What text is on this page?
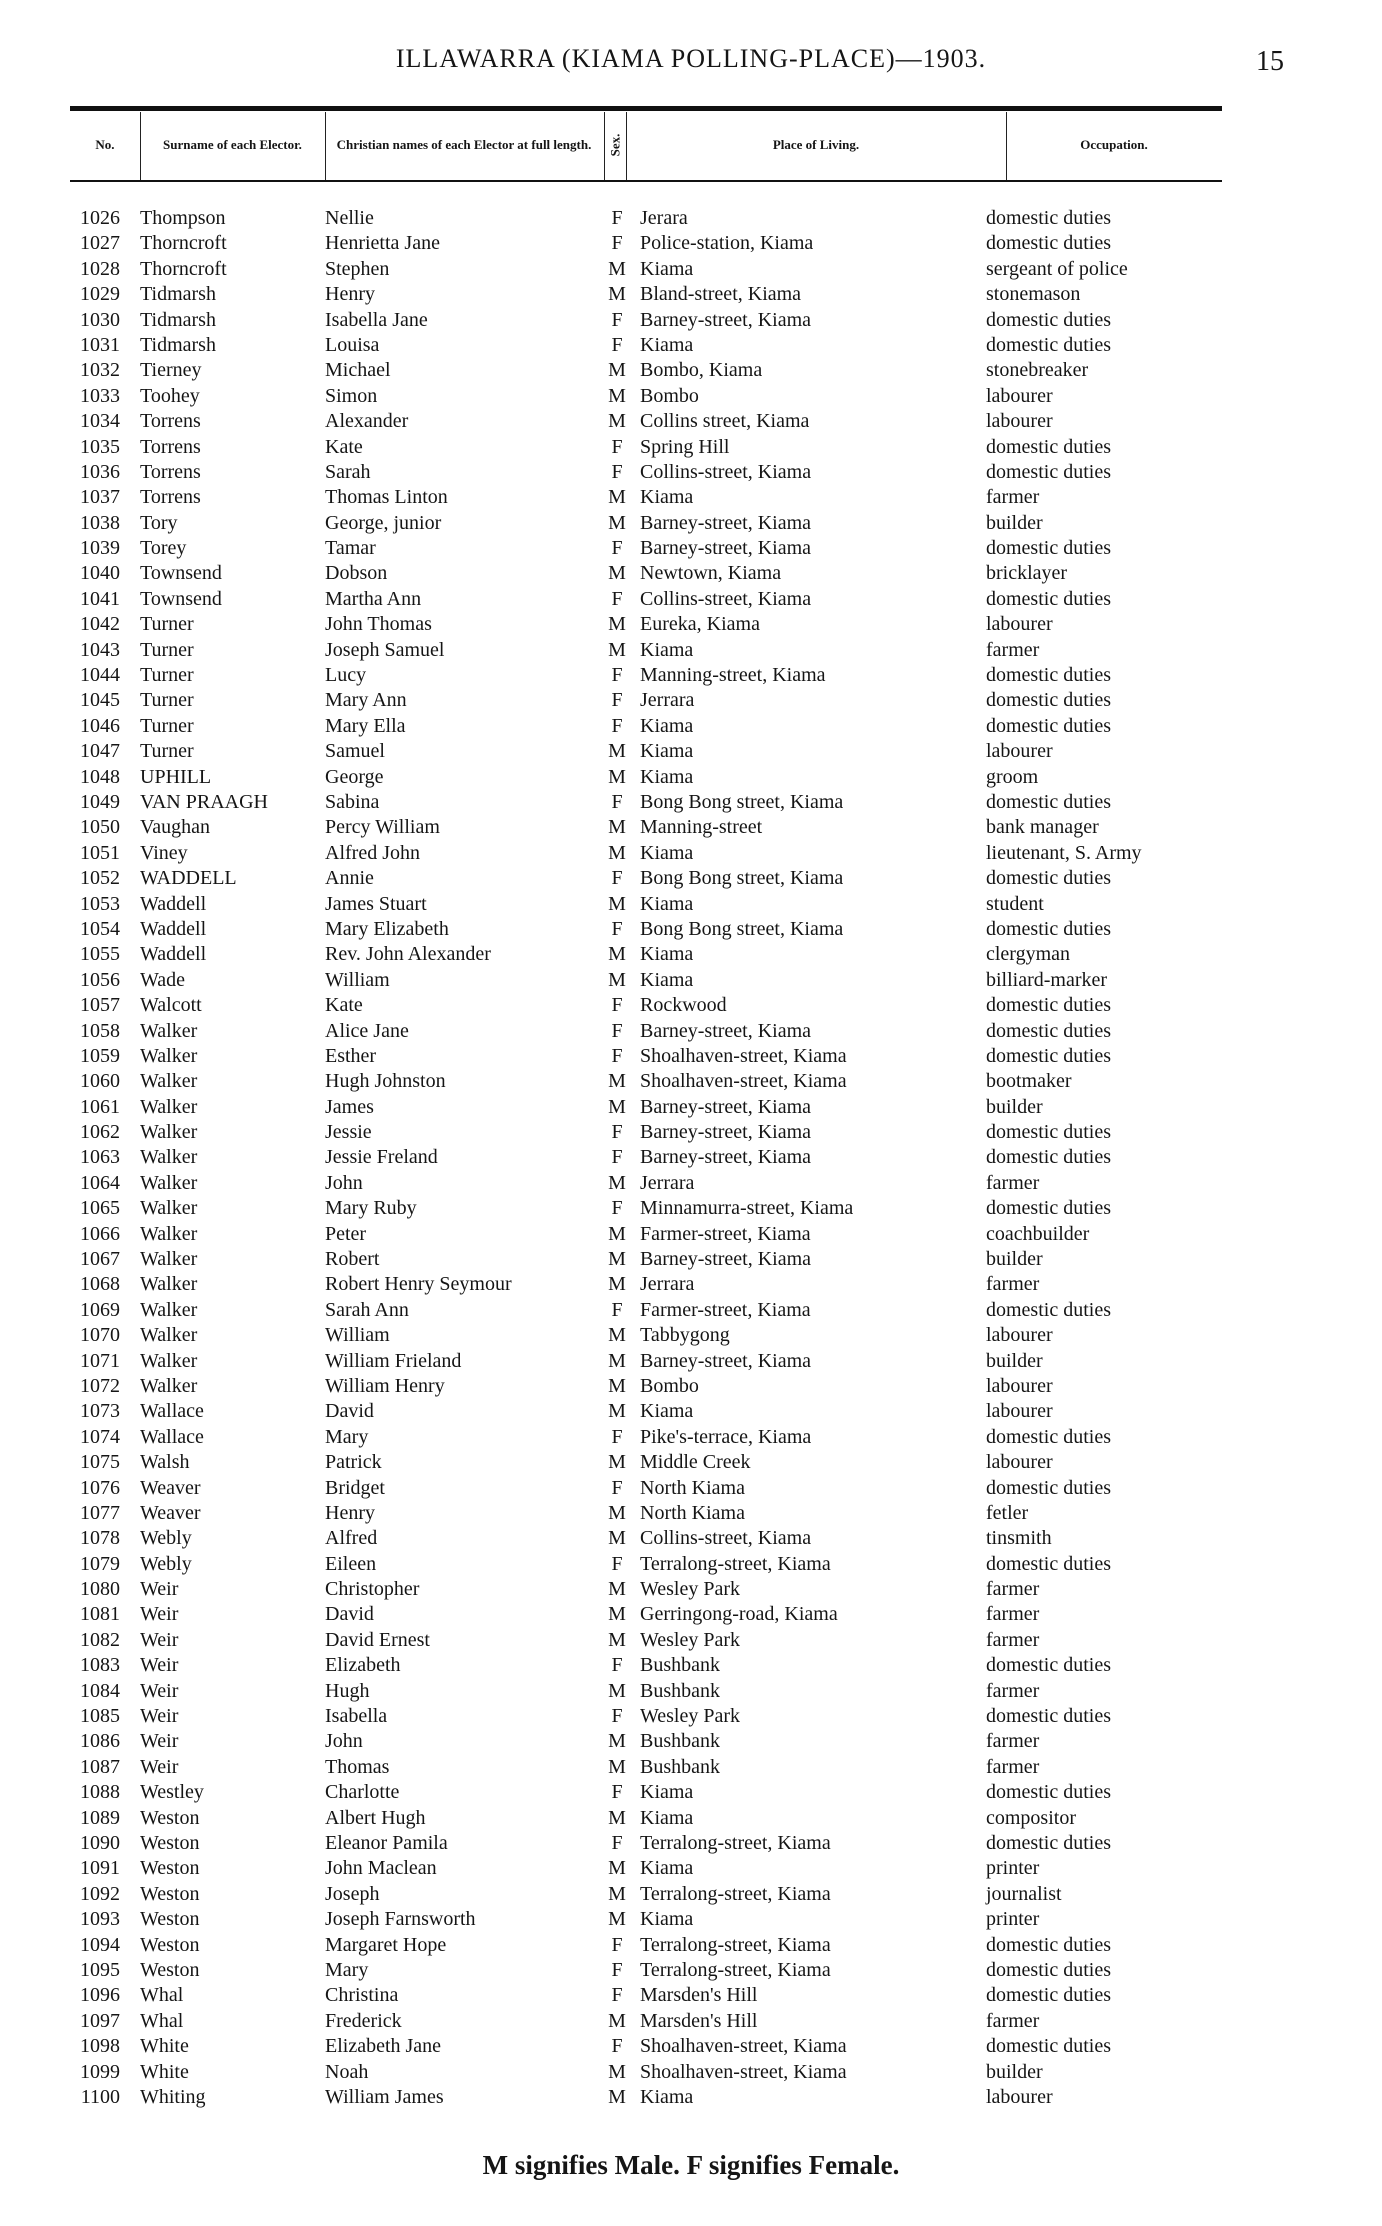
ILLAWARRA (KIAMA POLLING-PLACE)—1903.	15
No.	Surname of each Elector.	Christian names of each Elector at full length.	Sex.	Place of Living.	Occupation.
1026 Thompson	Nellie	F Jerara	domestic duties
1027 Thorncroft	Henrietta Jane	F Police-station, Kiama	domestic duties
1028 Thorncroft	Stephen	M Kiama	sergeant of police
1029 Tidmarsh	Henry	M Bland-street, Kiama	stonemason
1030 Tidmarsh	Isabella Jane	F Barney-street, Kiama	domestic duties
1031 Tidmarsh	Louisa	F Kiama	domestic duties
1032 Tierney	Michael	M Bombo, Kiama	stonebreaker
1033 Toohey	Simon	M Bombo	labourer
1034 Torrens	Alexander	M Collins street, Kiama	labourer
1035 Torrens	Kate	F Spring Hill	domestic duties
1036 Torrens	Sarah	F Collins-street, Kiama	domestic duties
1037 Torrens	Thomas Linton	M Kiama	farmer
1038 Tory	George, junior	M Barney-street, Kiama	builder
1039 Torey	Tamar	F Barney-street, Kiama	domestic duties
1040 Townsend	Dobson	M Newtown, Kiama	bricklayer
1041 Townsend	Martha Ann	F Collins-street, Kiama	domestic duties
1042 Turner	John Thomas	M Eureka, Kiama	labourer
1043 Turner	Joseph Samuel	M Kiama	farmer
1044 Turner	Lucy	F Manning-street, Kiama	domestic duties
1045 Turner	Mary Ann	F Jerrara	domestic duties
1046 Turner	Mary Ella	F Kiama	domestic duties
1047 Turner	Samuel	M Kiama	labourer
1048 UPHILL	George	M Kiama	groom
1049 VAN PRAAGH	Sabina	F Bong Bong street, Kiama	domestic duties
1050 Vaughan	Percy William	M Manning-street	bank manager
1051 Viney	Alfred John	M Kiama	lieutenant, S. Army
1052 WADDELL	Annie	F Bong Bong street, Kiama	domestic duties
1053 Waddell	James Stuart	M Kiama	student
1054 Waddell	Mary Elizabeth	F Bong Bong street, Kiama	domestic duties
1055 Waddell	Rev. John Alexander	M Kiama	clergyman
1056 Wade	William	M Kiama	billiard-marker
1057 Walcott	Kate	F Rockwood	domestic duties
1058 Walker	Alice Jane	F Barney-street, Kiama	domestic duties
1059 Walker	Esther	F Shoalhaven-street, Kiama	domestic duties
1060 Walker	Hugh Johnston	M Shoalhaven-street, Kiama	bootmaker
1061 Walker	James	M Barney-street, Kiama	builder
1062 Walker	Jessie	F Barney-street, Kiama	domestic duties
1063 Walker	Jessie Freland	F Barney-street, Kiama	domestic duties
1064 Walker	John	M Jerrara	farmer
1065 Walker	Mary Ruby	F Minnamurra-street, Kiama	domestic duties
1066 Walker	Peter	M Farmer-street, Kiama	coachbuilder
1067 Walker	Robert	M Barney-street, Kiama	builder
1068 Walker	Robert Henry Seymour	M Jerrara	farmer
1069 Walker	Sarah Ann	F Farmer-street, Kiama	domestic duties
1070 Walker	William	M Tabbygong	labourer
1071 Walker	William Frieland	M Barney-street, Kiama	builder
1072 Walker	William Henry	M Bombo	labourer
1073 Wallace	David	M Kiama	labourer
1074 Wallace	Mary	F Pike's-terrace, Kiama	domestic duties
1075 Walsh	Patrick	M Middle Creek	labourer
1076 Weaver	Bridget	F North Kiama	domestic duties
1077 Weaver	Henry	M North Kiama	fetler
1078 Webly	Alfred	M Collins-street, Kiama	tinsmith
1079 Webly	Eileen	F Terralong-street, Kiama	domestic duties
1080 Weir	Christopher	M Wesley Park	farmer
1081 Weir	David	M Gerringong-road, Kiama	farmer
1082 Weir	David Ernest	M Wesley Park	farmer
1083 Weir	Elizabeth	F Bushbank	domestic duties
1084 Weir	Hugh	M Bushbank	farmer
1085 Weir	Isabella	F Wesley Park	domestic duties
1086 Weir	John	M Bushbank	farmer
1087 Weir	Thomas	M Bushbank	farmer
1088 Westley	Charlotte	F Kiama	domestic duties
1089 Weston	Albert Hugh	M Kiama	compositor
1090 Weston	Eleanor Pamila	F Terralong-street, Kiama	domestic duties
1091 Weston	John Maclean	M Kiama	printer
1092 Weston	Joseph	M Terralong-street, Kiama	journalist
1093 Weston	Joseph Farnsworth	M Kiama	printer
1094 Weston	Margaret Hope	F Terralong-street, Kiama	domestic duties
1095 Weston	Mary	F Terralong-street, Kiama	domestic duties
1096 Whal	Christina	F Marsden's Hill	domestic duties
1097 Whal	Frederick	M Marsden's Hill	farmer
1098 White	Elizabeth Jane	F Shoalhaven-street, Kiama	domestic duties
1099 White	Noah	M Shoalhaven-street, Kiama	builder
1100 Whiting	William James	M Kiama	labourer
M signifies Male. F signifies Female.
